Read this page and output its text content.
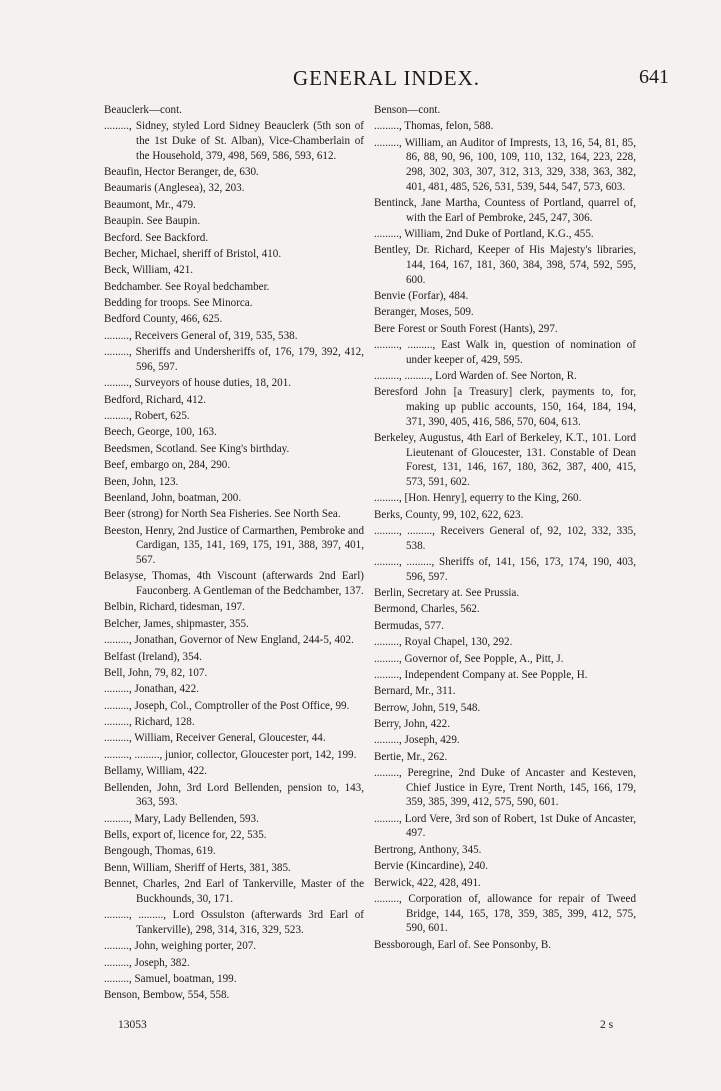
GENERAL INDEX.	641
Beauclerk—cont.
........., Sidney, styled Lord Sidney Beauclerk (5th son of the 1st Duke of St. Alban), Vice-Chamberlain of the Household, 379, 498, 569, 586, 593, 612.
Beaufin, Hector Beranger, de, 630.
Beaumaris (Anglesea), 32, 203.
Beaumont, Mr., 479.
Beaupin. See Baupin.
Becford. See Backford.
Becher, Michael, sheriff of Bristol, 410.
Beck, William, 421.
Bedchamber. See Royal bedchamber.
Bedding for troops. See Minorca.
Bedford County, 466, 625.
........., Receivers General of, 319, 535, 538.
........., Sheriffs and Undersheriffs of, 176, 179, 392, 412, 596, 597.
........., Surveyors of house duties, 18, 201.
Bedford, Richard, 412.
........., Robert, 625.
Beech, George, 100, 163.
Beedsmen, Scotland. See King's birthday.
Beef, embargo on, 284, 290.
Been, John, 123.
Beenland, John, boatman, 200.
Beer (strong) for North Sea Fisheries. See North Sea.
Beeston, Henry, 2nd Justice of Carmarthen, Pembroke and Cardigan, 135, 141, 169, 175, 191, 388, 397, 401, 567.
Belasyse, Thomas, 4th Viscount (afterwards 2nd Earl) Fauconberg. A Gentleman of the Bedchamber, 137.
Belbin, Richard, tidesman, 197.
Belcher, James, shipmaster, 355.
........., Jonathan, Governor of New England, 244-5, 402.
Belfast (Ireland), 354.
Bell, John, 79, 82, 107.
........., Jonathan, 422.
........., Joseph, Col., Comptroller of the Post Office, 99.
........., Richard, 128.
........., William, Receiver General, Gloucester, 44.
........., ........., junior, collector, Gloucester port, 142, 199.
Bellamy, William, 422.
Bellenden, John, 3rd Lord Bellenden, pension to, 143, 363, 593.
........., Mary, Lady Bellenden, 593.
Bells, export of, licence for, 22, 535.
Bengough, Thomas, 619.
Benn, William, Sheriff of Herts, 381, 385.
Bennet, Charles, 2nd Earl of Tankerville, Master of the Buckhounds, 30, 171.
........., ........., Lord Ossulston (afterwards 3rd Earl of Tankerville), 298, 314, 316, 329, 523.
........., John, weighing porter, 207.
........., Joseph, 382.
........., Samuel, boatman, 199.
Benson, Bembow, 554, 558.
Benson—cont.
........., Thomas, felon, 588.
........., William, an Auditor of Imprests, 13, 16, 54, 81, 85, 86, 88, 90, 96, 100, 109, 110, 132, 164, 223, 228, 298, 302, 303, 307, 312, 313, 329, 338, 363, 382, 401, 481, 485, 526, 531, 539, 544, 547, 573, 603.
Bentinck, Jane Martha, Countess of Portland, quarrel of, with the Earl of Pembroke, 245, 247, 306.
........., William, 2nd Duke of Portland, K.G., 455.
Bentley, Dr. Richard, Keeper of His Majesty's libraries, 144, 164, 167, 181, 360, 384, 398, 574, 592, 595, 600.
Benvie (Forfar), 484.
Beranger, Moses, 509.
Bere Forest or South Forest (Hants), 297.
........., ........., East Walk in, question of nomination of under keeper of, 429, 595.
........., ........., Lord Warden of. See Norton, R.
Beresford John [a Treasury] clerk, payments to, for, making up public accounts, 150, 164, 184, 194, 371, 390, 405, 416, 586, 570, 604, 613.
Berkeley, Augustus, 4th Earl of Berkeley, K.T., 101. Lord Lieutenant of Gloucester, 131. Constable of Dean Forest, 131, 146, 167, 180, 362, 387, 400, 415, 573, 591, 602.
........., [Hon. Henry], equerry to the King, 260.
Berks, County, 99, 102, 622, 623.
........., ........., Receivers General of, 92, 102, 332, 335, 538.
........., ........., Sheriffs of, 141, 156, 173, 174, 190, 403, 596, 597.
Berlin, Secretary at. See Prussia.
Bermond, Charles, 562.
Bermudas, 577.
........., Royal Chapel, 130, 292.
........., Governor of, See Popple, A., Pitt, J.
........., Independent Company at. See Popple, H.
Bernard, Mr., 311.
Berrow, John, 519, 548.
Berry, John, 422.
........., Joseph, 429.
Bertie, Mr., 262.
........., Peregrine, 2nd Duke of Ancaster and Kesteven, Chief Justice in Eyre, Trent North, 145, 166, 179, 359, 385, 399, 412, 575, 590, 601.
........., Lord Vere, 3rd son of Robert, 1st Duke of Ancaster, 497.
Bertrong, Anthony, 345.
Bervie (Kincardine), 240.
Berwick, 422, 428, 491.
........., Corporation of, allowance for repair of Tweed Bridge, 144, 165, 178, 359, 385, 399, 412, 575, 590, 601.
Bessborough, Earl of. See Ponsonby, B.
13053	2 s
